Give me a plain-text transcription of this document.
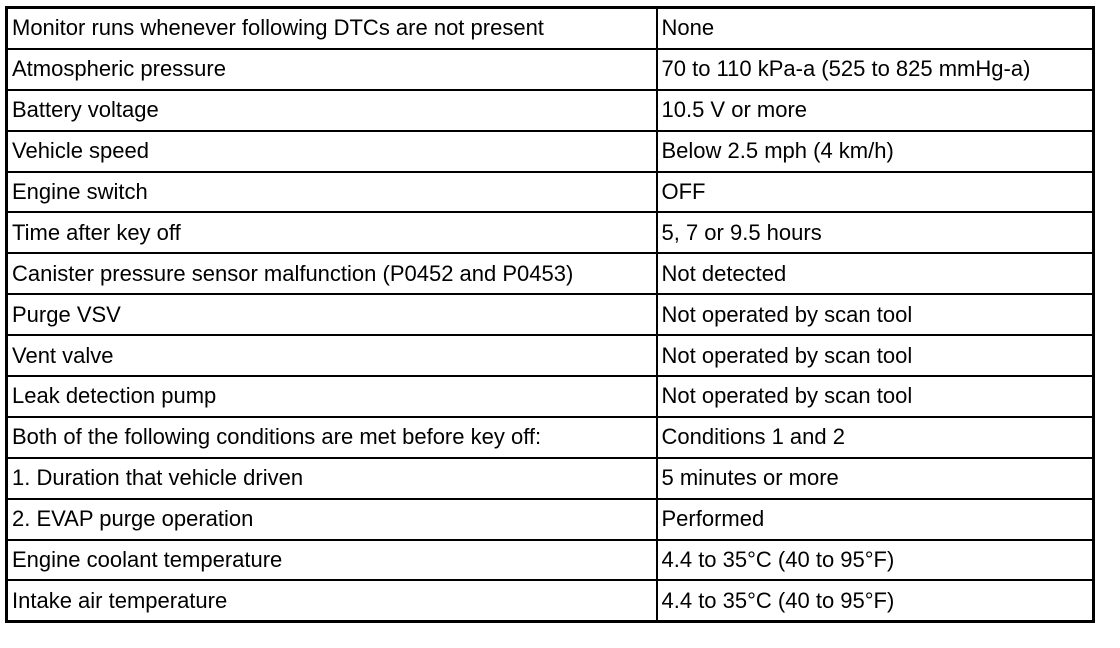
Monitor runs whenever following DTCs are not present	None
Atmospheric pressure	70 to 110 kPa-a (525 to 825 mmHg-a)
Battery voltage	10.5 V or more
Vehicle speed	Below 2.5 mph (4 km/h)
Engine switch	OFF
Time after key off	5, 7 or 9.5 hours
Canister pressure sensor malfunction (P0452 and P0453)	Not detected
Purge VSV	Not operated by scan tool
Vent valve	Not operated by scan tool
Leak detection pump	Not operated by scan tool
Both of the following conditions are met before key off:	Conditions 1 and 2
1. Duration that vehicle driven	5 minutes or more
2. EVAP purge operation	Performed
Engine coolant temperature	4.4 to 35°C (40 to 95°F)
Intake air temperature	4.4 to 35°C (40 to 95°F)
